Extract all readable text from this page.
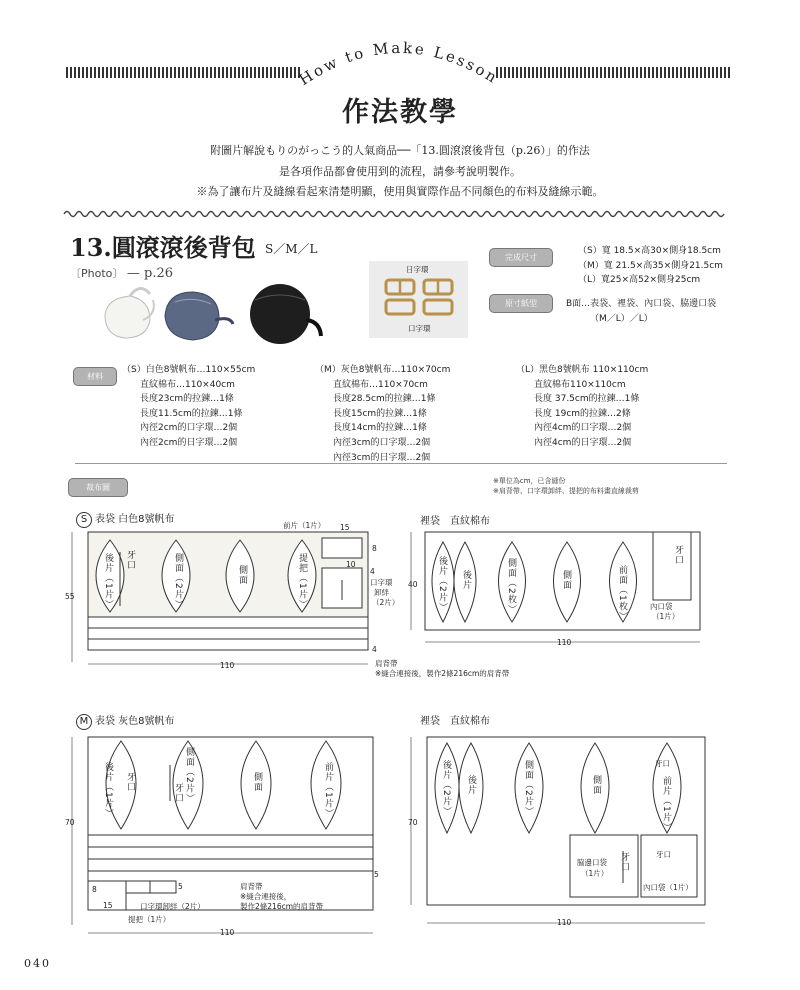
How to Make Lesson
作法教學
附圖片解說もりのがっこう的人氣商品──「13.圓滾滾後背包（p.26）」的作法
是各項作品都會使用到的流程，請參考說明製作。
※為了讓布片及縫線看起來清楚明顯，使用與實際作品不同顏色的布料及縫線示範。
13.圓滾滾後背包 S／M／L
〔Photo〕 — p.26	日字環
口字環
完成尺寸
（S）寬 18.5×高30×側身18.5cm
（M）寬 21.5×高35×側身21.5cm
（L）寬25×高52×側身25cm
原寸紙型	B面…表袋、裡袋、內口袋、脇邊口袋
（M／L）／L）
材料
（S）白色8號帆布…110×55cm
直紋棉布…110×40cm
長度23cm的拉鍊…1條
長度11.5cm的拉鍊…1條
內徑2cm的口字環…2個
內徑2cm的日字環…2個
（M）灰色8號帆布…110×70cm
直紋棉布…110×70cm
長度28.5cm的拉鍊…1條
長度15cm的拉鍊…1條
長度14cm的拉鍊…1條
內徑3cm的口字環…2個
內徑3cm的日字環…2個
（L）黑色8號帆布 110×110cm
直紋棉布110×110cm
長度 37.5cm的拉鍊…1條
長度 19cm的拉鍊…2條
內徑4cm的口字環…2個
內徑4cm的日字環…2個
裁布圖
※單位為cm，已含縫份
※肩背帶、口字環卸絆、提把的布料畫直線裁剪
S 表袋 白色8號帆布
55
110
後片（1片） 牙口	側面（2片）	側面	提把（1片）
前片（1片） 15
8
10
4
口字環
卸絆
（2片）
4
肩背帶
※縫合連接後，製作2條216cm的肩背帶
裡袋　直紋棉布
40
110
後片（2片） 後片	側面（2枚）	側面	前面（1枚）
牙口
內口袋
（1片）
M 表袋 灰色8號帆布
70
110
後片（1片） 牙口	側面（2片）
牙口
側面	前片（1片）
8
15
5
5
口字環卸絆（2片）
提把（1片）
肩背帶
※縫合連接後，
製作2條216cm的肩背帶
裡袋　直紋棉布
70
110
後片（2片） 後片	側面（2片）	側面
牙口
前片（1片）
牙口
脇邊口袋
（1片）
牙口
內口袋（1片）
040
